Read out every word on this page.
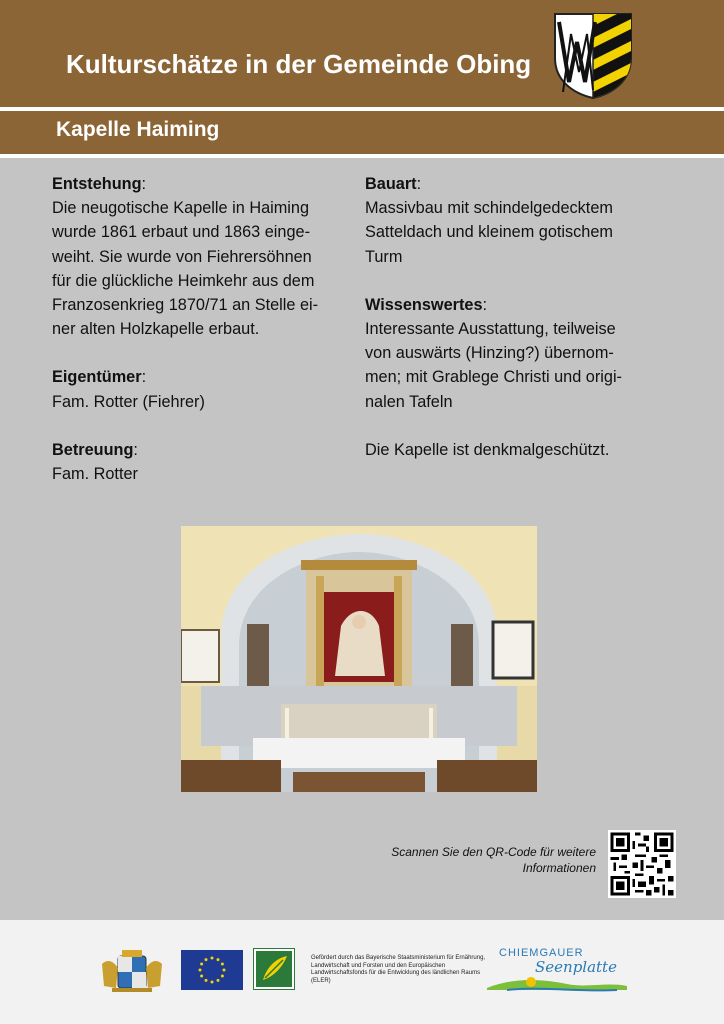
Kulturschätze in der Gemeinde Obing
Kapelle Haiming
Entstehung:
Die neugotische Kapelle in Haiming
wurde 1861 erbaut und 1863 einge-
weiht. Sie wurde von Fiehrersöhnen
für die glückliche Heimkehr aus dem
Franzosenkrieg 1870/71 an Stelle ei-
ner alten Holzkapelle erbaut.
Eigentümer:
Fam. Rotter (Fiehrer)
Betreuung:
Fam. Rotter
Bauart:
Massivbau mit schindelgedecktem
Satteldach und kleinem gotischem
Turm
Wissenswertes:
Interessante Ausstattung, teilweise
von auswärts (Hinzing?) übernom-
men; mit Grablege Christi und origi-
nalen Tafeln
Die Kapelle ist denkmalgeschützt.
Scannen Sie den QR-Code für weitere
Informationen
Gefördert durch das Bayerische Staatsministerium für Ernährung, Landwirtschaft und Forsten und den Europäischen Landwirtschaftsfonds für die Entwicklung des ländlichen Raums (ELER)
CHIEMGAUER
Seenplatte
